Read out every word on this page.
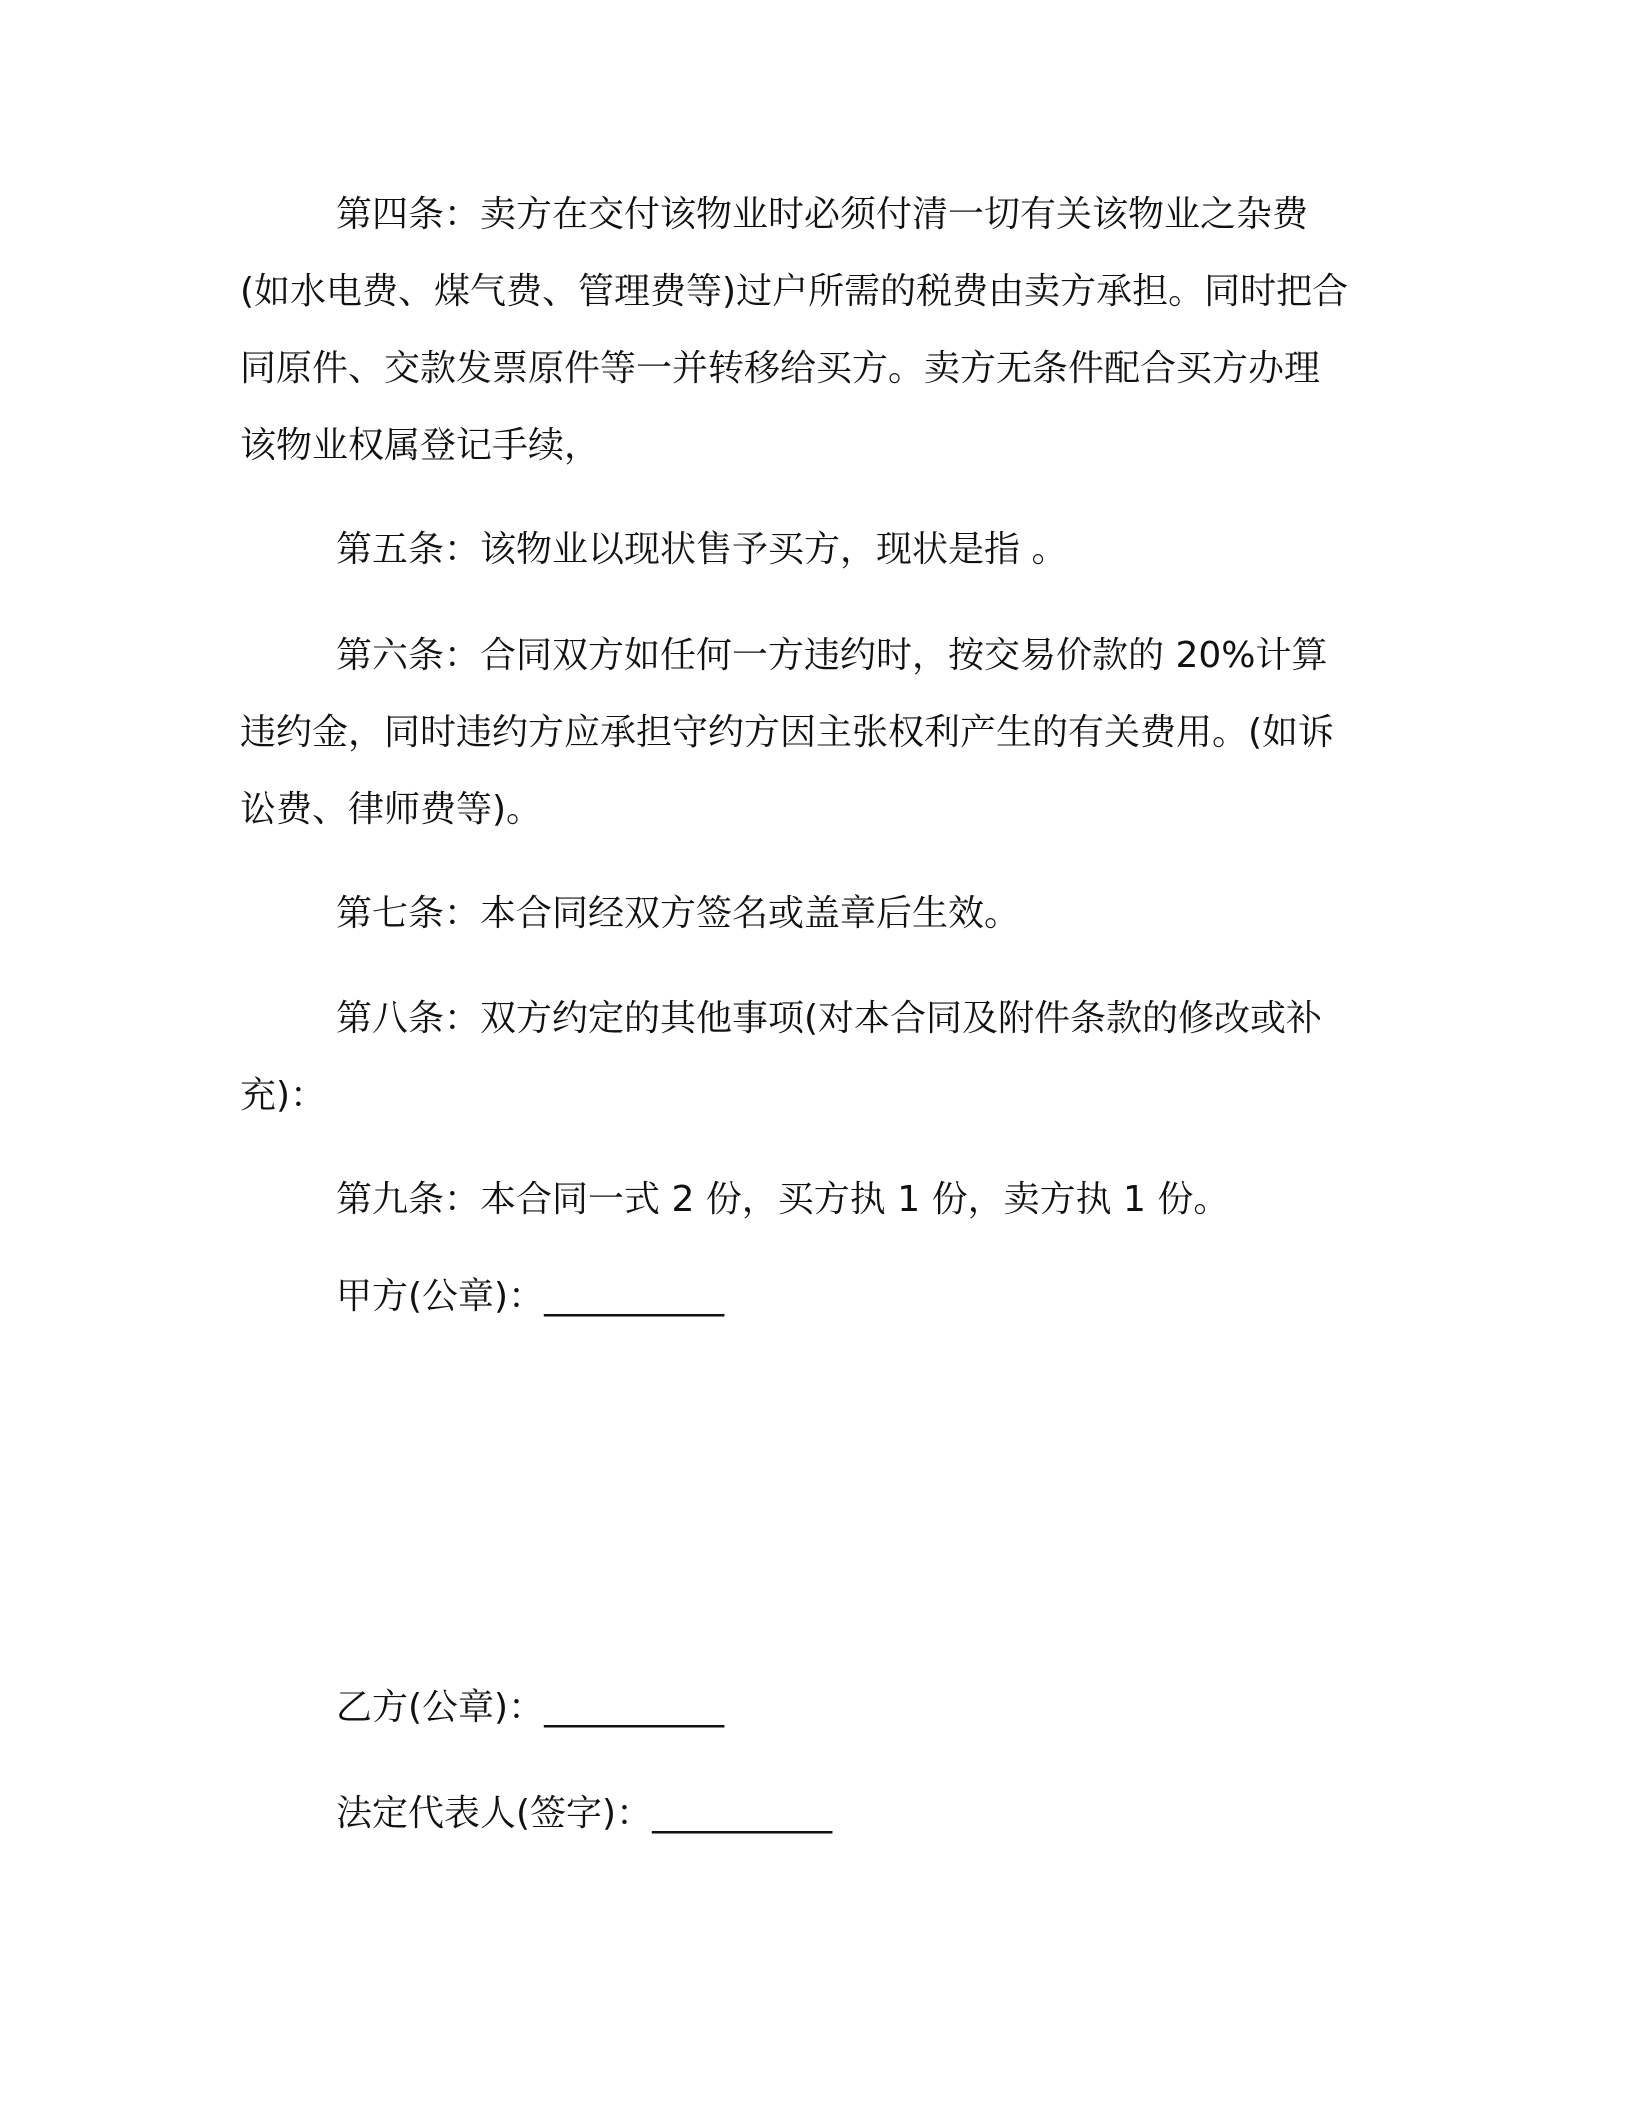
第四条：卖方在交付该物业时必须付清一切有关该物业之杂费
(如水电费、煤气费、管理费等)过户所需的税费由卖方承担。同时把合
同原件、交款发票原件等一并转移给买方。卖方无条件配合买方办理
该物业权属登记手续，
第五条：该物业以现状售予买方，现状是指 。
第六条：合同双方如任何一方违约时，按交易价款的 20%计算
违约金，同时违约方应承担守约方因主张权利产生的有关费用。(如诉
讼费、律师费等)。
第七条：本合同经双方签名或盖章后生效。
第八条：双方约定的其他事项(对本合同及附件条款的修改或补
充)：
第九条：本合同一式 2 份，买方执 1 份，卖方执 1 份。

甲方(公章)：__________

乙方(公章)：__________

法定代表人(签字)：__________
